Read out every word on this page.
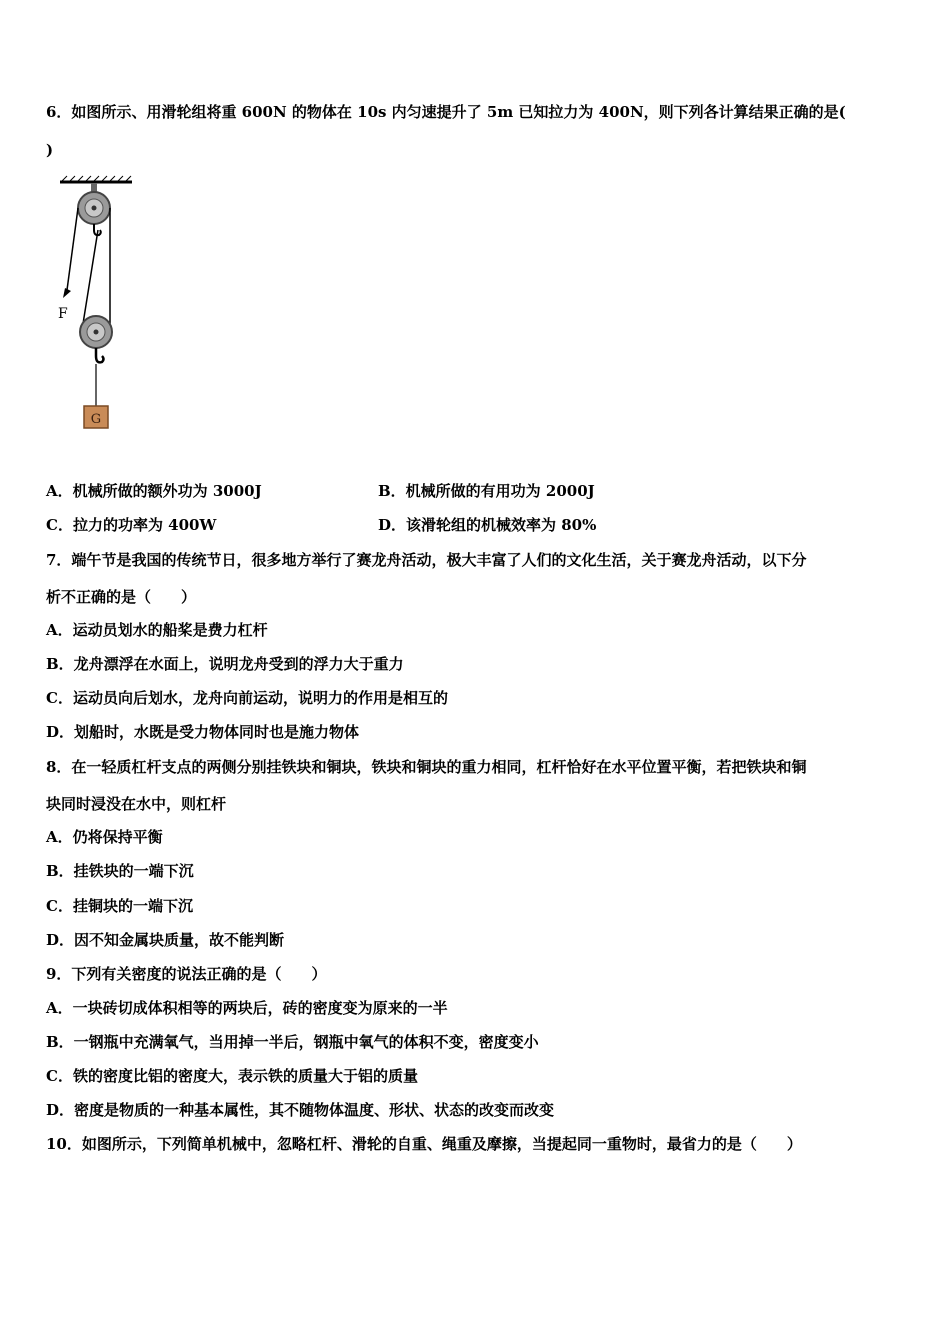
6．如图所示、用滑轮组将重 600N 的物体在 10s 内匀速提升了 5m 已知拉力为 400N，则下列各计算结果正确的是(
)
G
F
A．机械所做的额外功为 3000J	B．机械所做的有用功为 2000J
C．拉力的功率为 400W	D．该滑轮组的机械效率为 80%
7．端午节是我国的传统节日，很多地方举行了赛龙舟活动，极大丰富了人们的文化生活，关于赛龙舟活动，以下分
析不正确的是（　　）
A．运动员划水的船桨是费力杠杆
B．龙舟漂浮在水面上，说明龙舟受到的浮力大于重力
C．运动员向后划水，龙舟向前运动，说明力的作用是相互的
D．划船时，水既是受力物体同时也是施力物体
8．在一轻质杠杆支点的两侧分别挂铁块和铜块，铁块和铜块的重力相同，杠杆恰好在水平位置平衡，若把铁块和铜
块同时浸没在水中，则杠杆
A．仍将保持平衡
B．挂铁块的一端下沉
C．挂铜块的一端下沉
D．因不知金属块质量，故不能判断
9．下列有关密度的说法正确的是（　　）
A．一块砖切成体积相等的两块后，砖的密度变为原来的一半
B．一钢瓶中充满氧气，当用掉一半后，钢瓶中氧气的体积不变，密度变小
C．铁的密度比铝的密度大，表示铁的质量大于铝的质量
D．密度是物质的一种基本属性，其不随物体温度、形状、状态的改变而改变
10．如图所示，下列简单机械中，忽略杠杆、滑轮的自重、绳重及摩擦，当提起同一重物时，最省力的是（　　）
